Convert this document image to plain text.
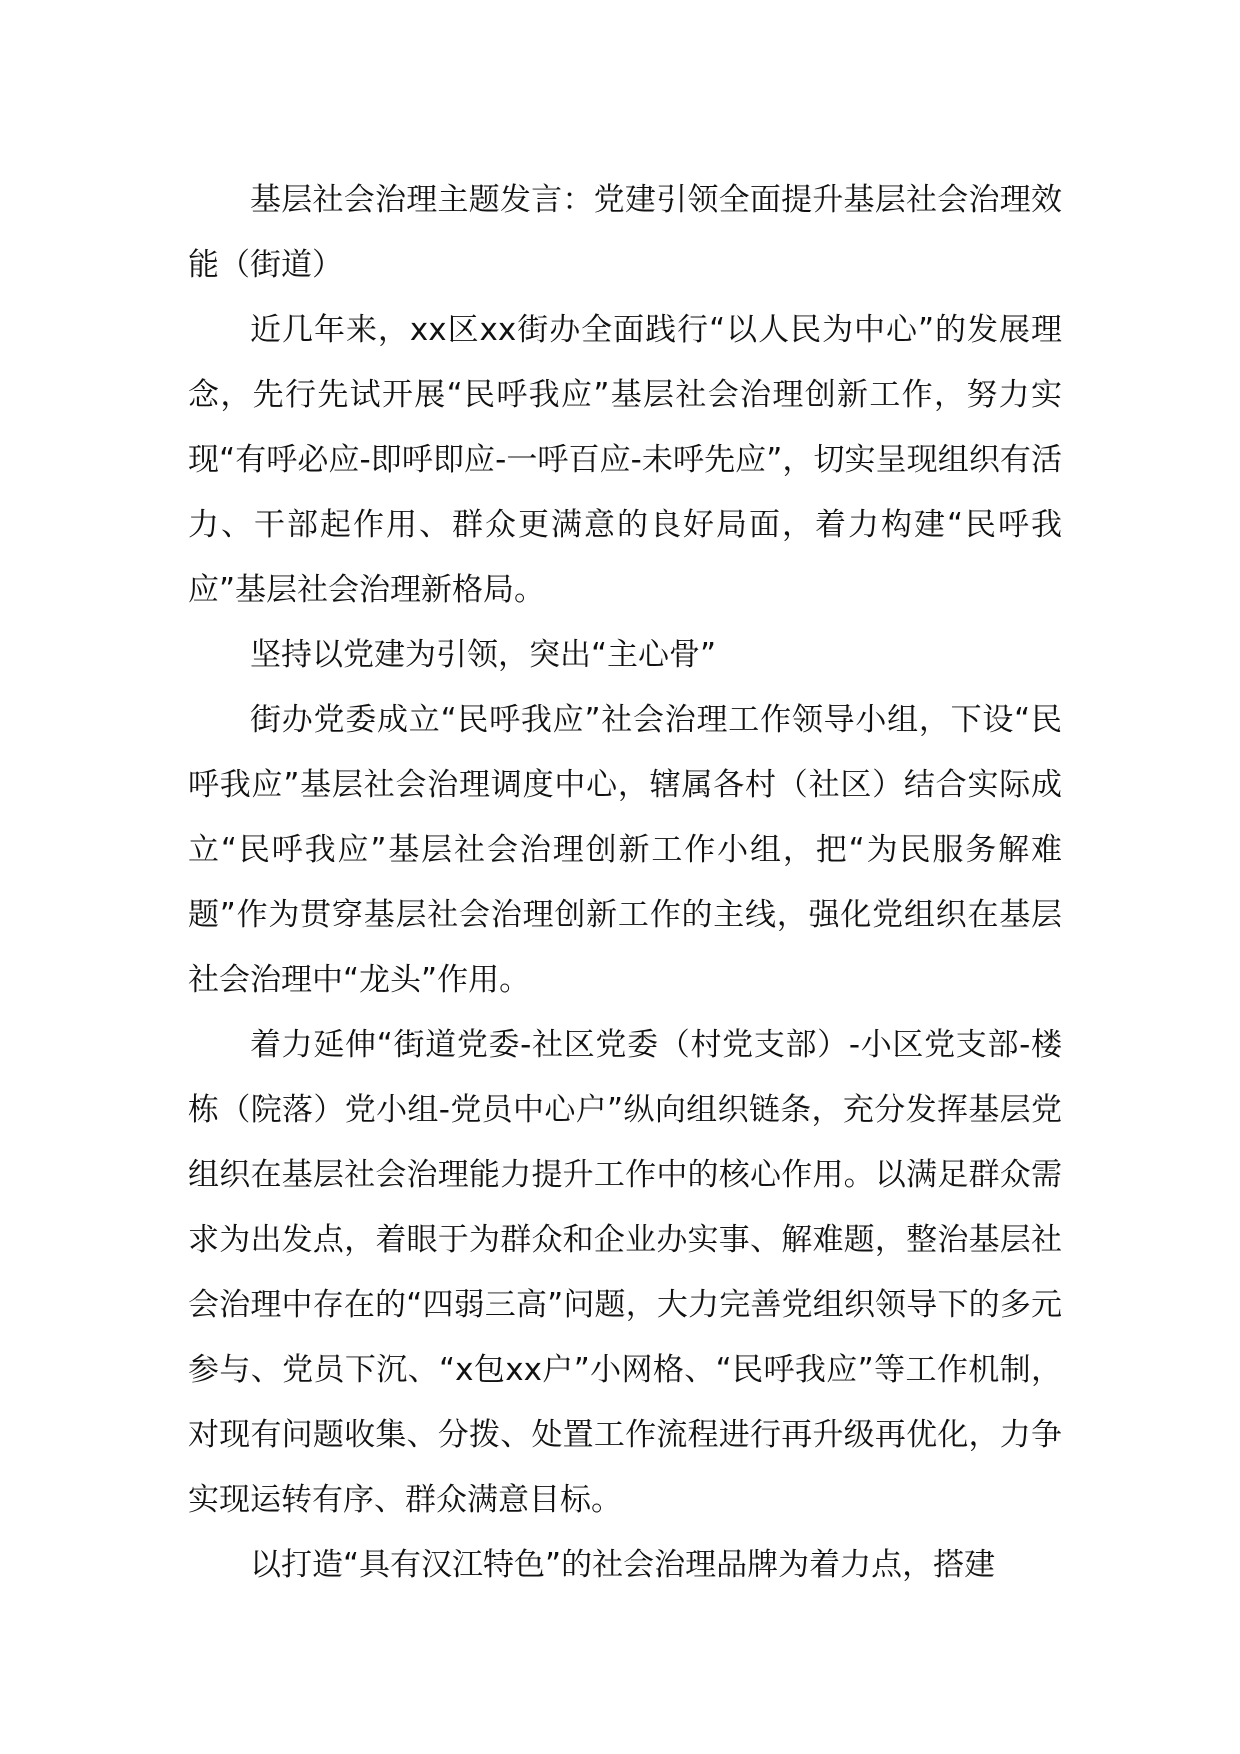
基层社会治理主题发言：党建引领全面提升基层社会治理效能（街道）

近几年来，xx区xx街办全面践行“以人民为中心”的发展理念，先行先试开展“民呼我应”基层社会治理创新工作，努力实现“有呼必应-即呼即应-一呼百应-未呼先应”，切实呈现组织有活力、干部起作用、群众更满意的良好局面，着力构建“民呼我应”基层社会治理新格局。

坚持以党建为引领，突出“主心骨”

街办党委成立“民呼我应”社会治理工作领导小组，下设“民呼我应”基层社会治理调度中心，辖属各村（社区）结合实际成立“民呼我应”基层社会治理创新工作小组，把“为民服务解难题”作为贯穿基层社会治理创新工作的主线，强化党组织在基层社会治理中“龙头”作用。

着力延伸“街道党委-社区党委（村党支部）-小区党支部-楼栋（院落）党小组-党员中心户”纵向组织链条，充分发挥基层党组织在基层社会治理能力提升工作中的核心作用。以满足群众需求为出发点，着眼于为群众和企业办实事、解难题，整治基层社会治理中存在的“四弱三高”问题，大力完善党组织领导下的多元参与、党员下沉、“x包xx户”小网格、“民呼我应”等工作机制，对现有问题收集、分拨、处置工作流程进行再升级再优化，力争实现运转有序、群众满意目标。

以打造“具有汉江特色”的社会治理品牌为着力点，搭建
